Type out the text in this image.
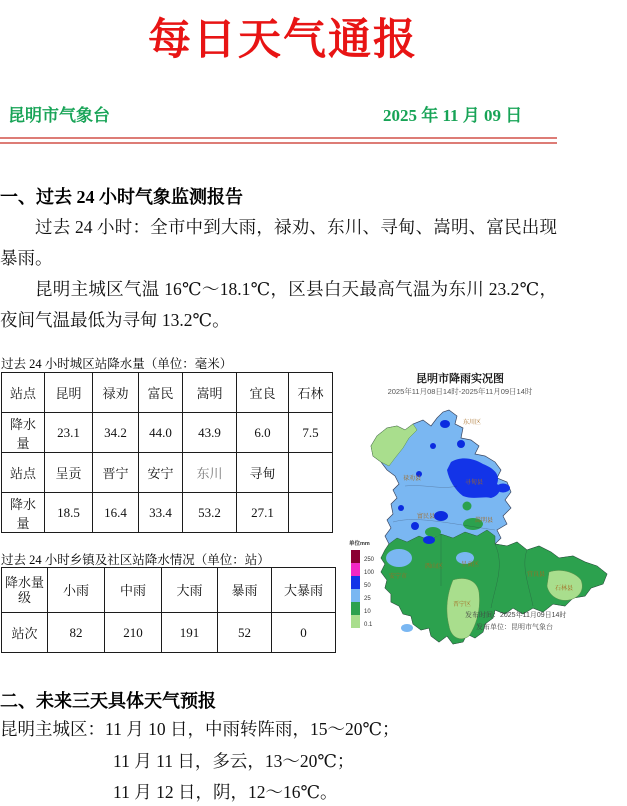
每日天气通报
昆明市气象台	2025 年 11 月 09 日
一、过去 24 小时气象监测报告
过去 24 小时：全市中到大雨，禄劝、东川、寻甸、嵩明、富民出现暴雨。
昆明主城区气温 16℃～18.1℃，区县白天最高气温为东川 23.2℃，夜间气温最低为寻甸 13.2℃。
过去 24 小时城区站降水量（单位：毫米）
站点	昆明	禄劝	富民	嵩明	宜良	石林
降水量	23.1	34.2	44.0	43.9	6.0	7.5
站点	呈贡	晋宁	安宁	东川	寻甸	
降水量	18.5	16.4	33.4	53.2	27.1	
过去 24 小时乡镇及社区站降水情况（单位：站）
降水量级	小雨	中雨	大雨	暴雨	大暴雨
站次	82	210	191	52	0
昆明市降雨实况图
2025年11月08日14时-2025年11月09日14时
东川区
禄劝县
寻甸县
富民县
嵩明县
西山区
安宁市
呈贡区
晋宁区
宜良县
石林县
单位mm
250
100
50
25
10
0.1
发布时间：2025年11月09日14时
发布单位：昆明市气象台
二、未来三天具体天气预报
昆明主城区：11 月 10 日，中雨转阵雨，15～20℃；
11 月 11 日，多云，13～20℃；
11 月 12 日，阴，12～16℃。
